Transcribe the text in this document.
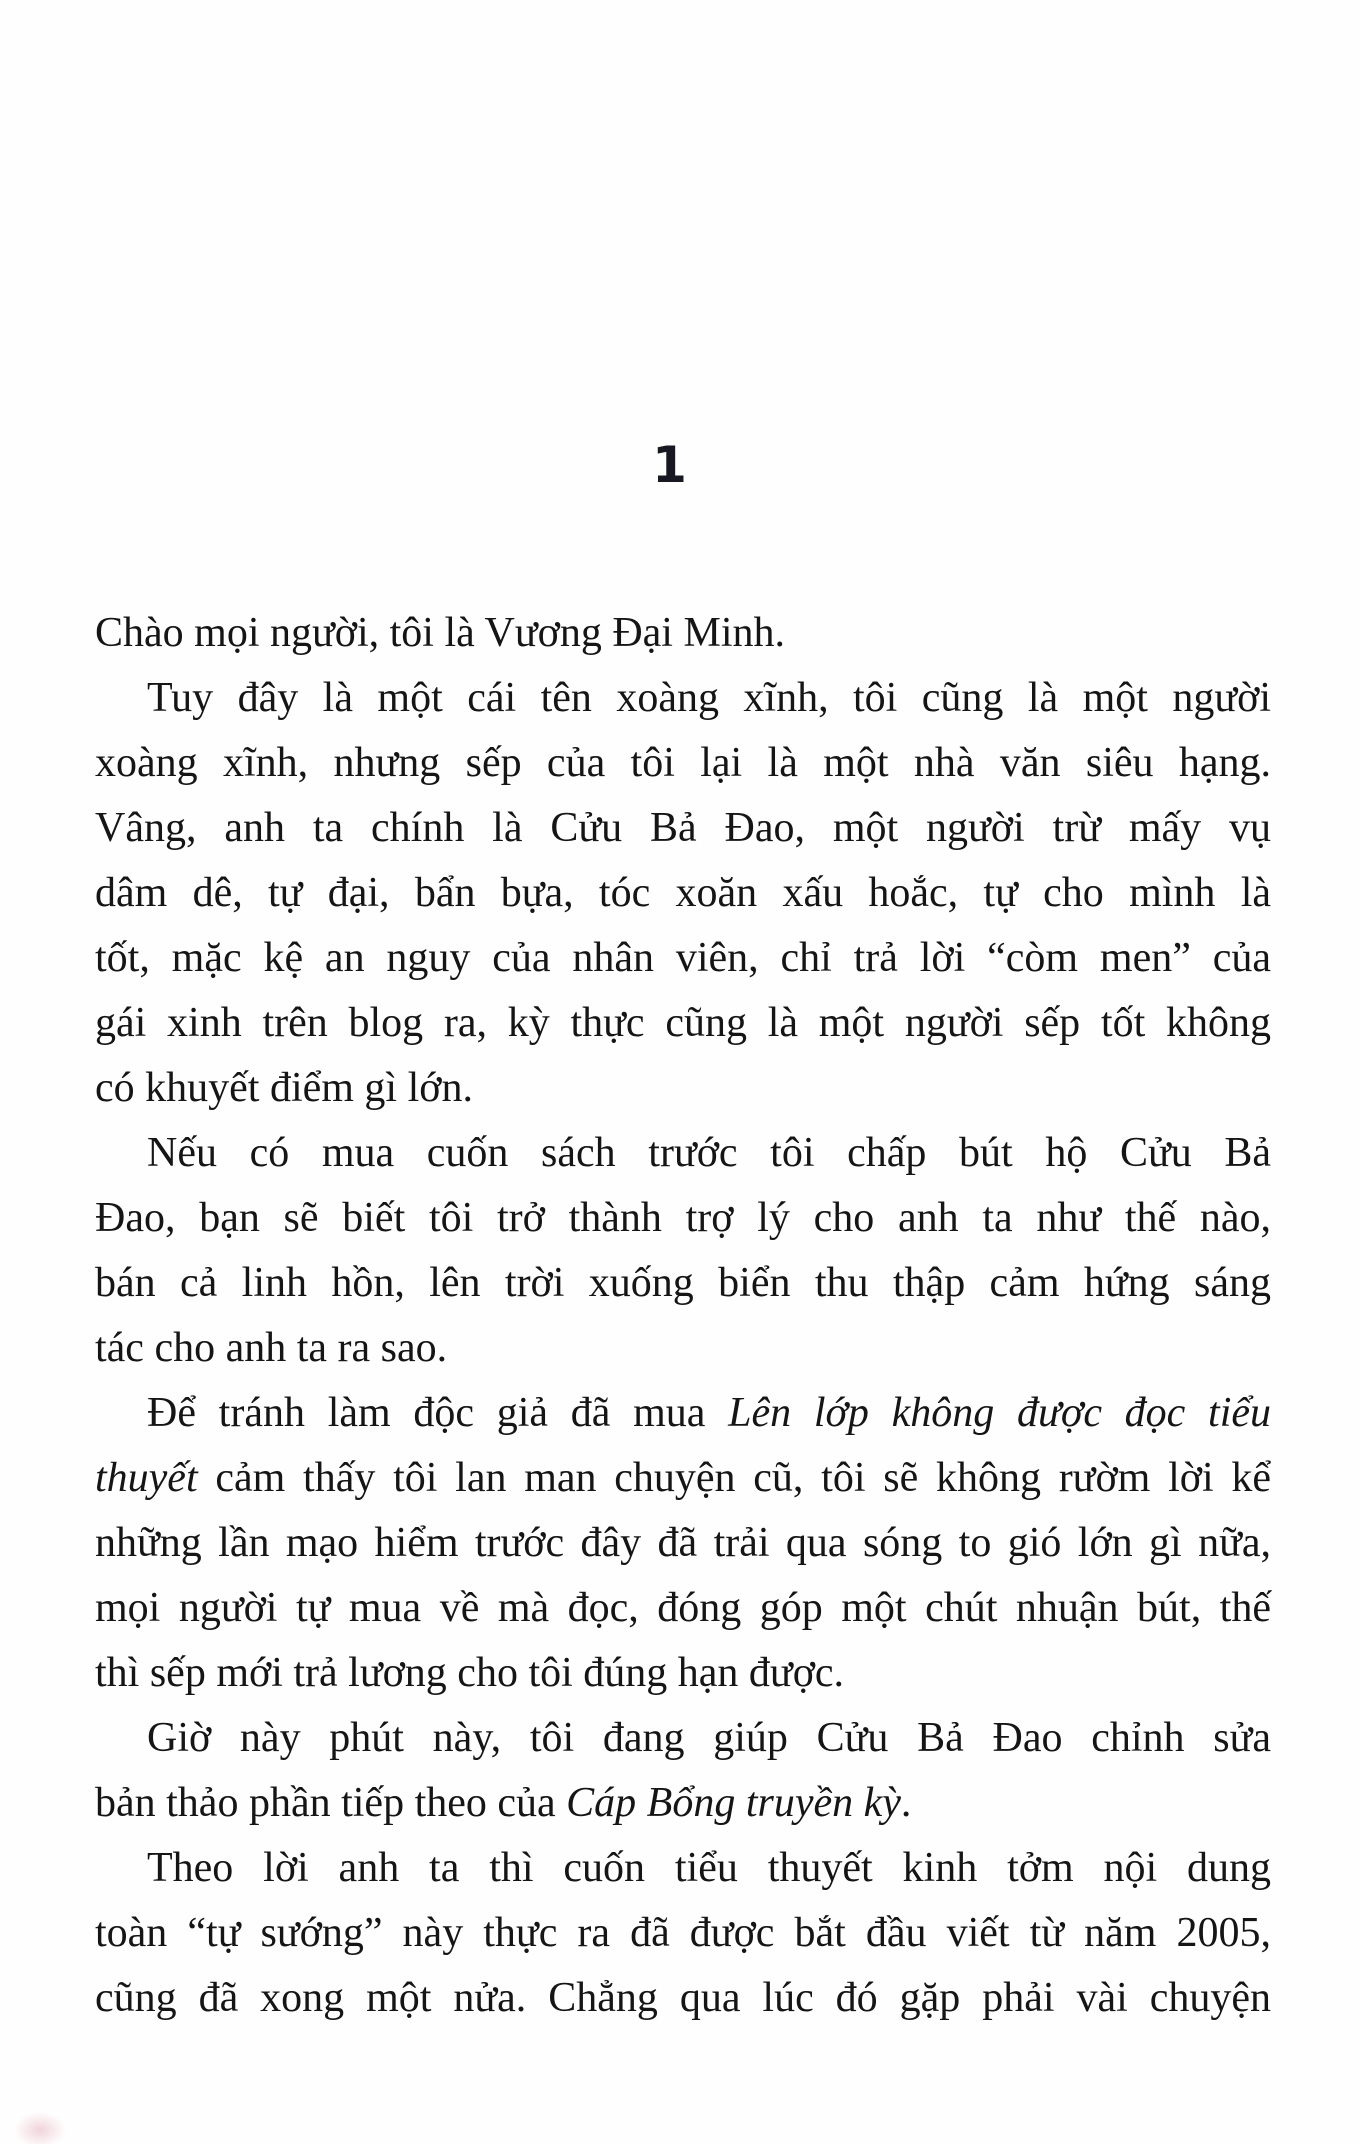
1
Chào mọi người, tôi là Vương Đại Minh.
Tuy đây là một cái tên xoàng xĩnh, tôi cũng là một người
xoàng xĩnh, nhưng sếp của tôi lại là một nhà văn siêu hạng.
Vâng, anh ta chính là Cửu Bả Đao, một người trừ mấy vụ
dâm dê, tự đại, bẩn bựa, tóc xoăn xấu hoắc, tự cho mình là
tốt, mặc kệ an nguy của nhân viên, chỉ trả lời “còm men” của
gái xinh trên blog ra, kỳ thực cũng là một người sếp tốt không
có khuyết điểm gì lớn.
Nếu có mua cuốn sách trước tôi chấp bút hộ Cửu Bả
Đao, bạn sẽ biết tôi trở thành trợ lý cho anh ta như thế nào,
bán cả linh hồn, lên trời xuống biển thu thập cảm hứng sáng
tác cho anh ta ra sao.
Để tránh làm độc giả đã mua Lên lớp không được đọc tiểu
thuyết cảm thấy tôi lan man chuyện cũ, tôi sẽ không rườm lời kể
những lần mạo hiểm trước đây đã trải qua sóng to gió lớn gì nữa,
mọi người tự mua về mà đọc, đóng góp một chút nhuận bút, thế
thì sếp mới trả lương cho tôi đúng hạn được.
Giờ này phút này, tôi đang giúp Cửu Bả Đao chỉnh sửa
bản thảo phần tiếp theo của Cáp Bổng truyền kỳ.
Theo lời anh ta thì cuốn tiểu thuyết kinh tởm nội dung
toàn “tự sướng” này thực ra đã được bắt đầu viết từ năm 2005,
cũng đã xong một nửa. Chẳng qua lúc đó gặp phải vài chuyện
